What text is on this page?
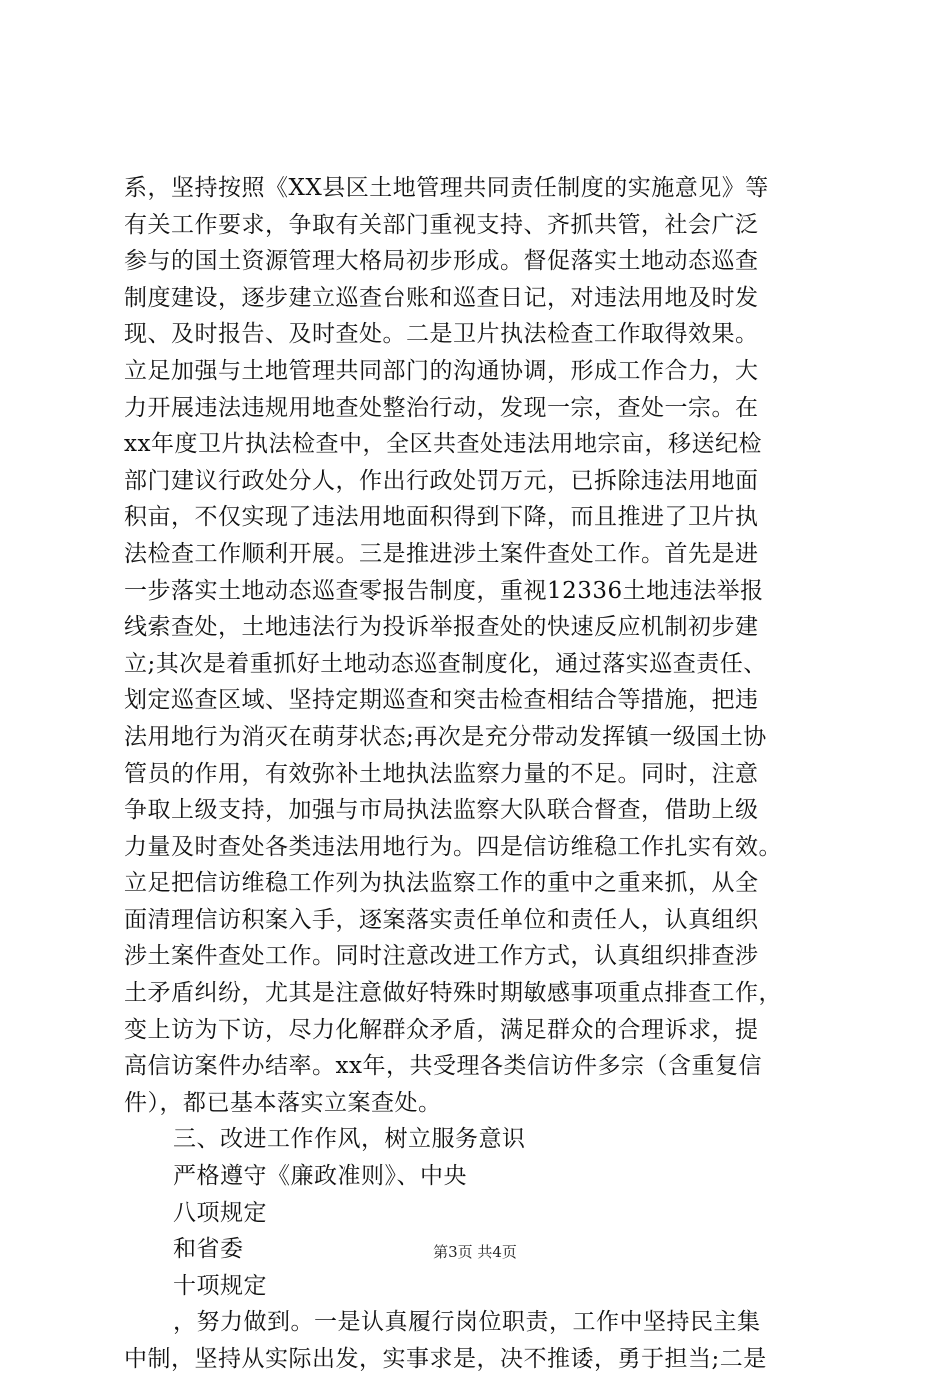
系，坚持按照《XX县区土地管理共同责任制度的实施意见》等
有关工作要求，争取有关部门重视支持、齐抓共管，社会广泛
参与的国土资源管理大格局初步形成。督促落实土地动态巡查
制度建设，逐步建立巡查台账和巡查日记，对违法用地及时发
现、及时报告、及时查处。二是卫片执法检查工作取得效果。
立足加强与土地管理共同部门的沟通协调，形成工作合力，大
力开展违法违规用地查处整治行动，发现一宗，查处一宗。在
xx年度卫片执法检查中，全区共查处违法用地宗亩，移送纪检
部门建议行政处分人，作出行政处罚万元，已拆除违法用地面
积亩，不仅实现了违法用地面积得到下降，而且推进了卫片执
法检查工作顺利开展。三是推进涉土案件查处工作。首先是进
一步落实土地动态巡查零报告制度，重视12336土地违法举报
线索查处，土地违法行为投诉举报查处的快速反应机制初步建
立;其次是着重抓好土地动态巡查制度化，通过落实巡查责任、
划定巡查区域、坚持定期巡查和突击检查相结合等措施，把违
法用地行为消灭在萌芽状态;再次是充分带动发挥镇一级国土协
管员的作用，有效弥补土地执法监察力量的不足。同时，注意
争取上级支持，加强与市局执法监察大队联合督查，借助上级
力量及时查处各类违法用地行为。四是信访维稳工作扎实有效。
立足把信访维稳工作列为执法监察工作的重中之重来抓，从全
面清理信访积案入手，逐案落实责任单位和责任人，认真组织
涉土案件查处工作。同时注意改进工作方式，认真组织排查涉
土矛盾纠纷，尤其是注意做好特殊时期敏感事项重点排查工作，
变上访为下访，尽力化解群众矛盾，满足群众的合理诉求，提
高信访案件办结率。xx年，共受理各类信访件多宗（含重复信
件），都已基本落实立案查处。
三、改进工作作风，树立服务意识
严格遵守《廉政准则》、中央
八项规定
和省委
十项规定
，努力做到。一是认真履行岗位职责，工作中坚持民主集
中制，坚持从实际出发，实事求是，决不推诿，勇于担当;二是
第3页 共4页
